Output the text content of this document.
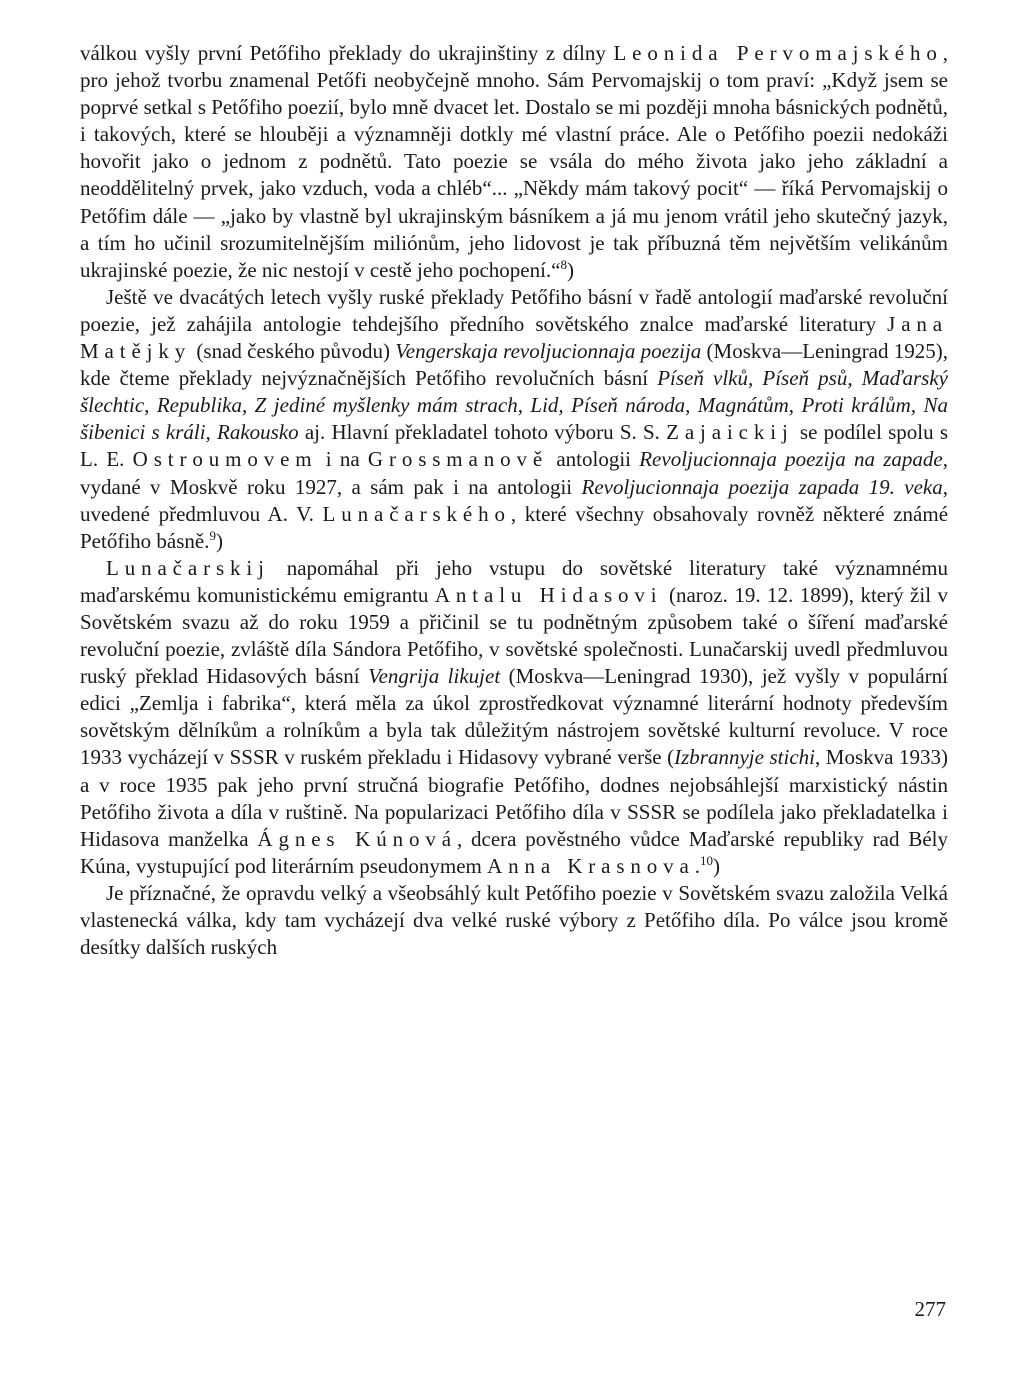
válkou vyšly první Petőfiho překlady do ukrajinštiny z dílny Leonida Pervomajského, pro jehož tvorbu znamenal Petőfi neobyčejně mnoho. Sám Pervomajskij o tom praví: „Když jsem se poprvé setkal s Petőfiho poezií, bylo mně dvacet let. Dostalo se mi později mnoha básnických podnětů, i takových, které se hlouběji a významněji dotkly mé vlastní práce. Ale o Petőfiho poezii nedokáži hovořit jako o jednom z podnětů. Tato poezie se vsála do mého života jako jeho základní a neoddělitelný prvek, jako vzduch, voda a chléb“... „Někdy mám takový pocit“ — říká Pervomajskij o Petőfim dále — „jako by vlastně byl ukrajinským básníkem a já mu jenom vrátil jeho skutečný jazyk, a tím ho učinil srozumitelnějším miliónům, jeho lidovost je tak příbuzná těm největším velikánům ukrajinské poezie, že nic nestojí v cestě jeho pochopení.“$^8$)

Ještě ve dvacátých letech vyšly ruské překlady Petőfiho básní v řadě antologií maďarské revoluční poezie, jež zahájila antologie tehdejšího předního sovětského znalce maďarské literatury Jana Matějky (snad českého původu) Vengerskaja revoljucionnaja poezija (Moskva—Leningrad 1925), kde čteme překlady nejvýznačnějších Petőfiho revolučních básní Píseň vlků, Píseň psů, Maďarský šlechtic, Republika, Z jediné myšlenky mám strach, Lid, Píseň národa, Magnátům, Proti králům, Na šibenici s králi, Rakousko aj. Hlavní překladatel tohoto výboru S. S. Zajaickij se podílel spolu s L. E. Ostroumovem i na Grossmanově antologii Revoljucionnaja poezija na zapade, vydané v Moskvě roku 1927, a sám pak i na antologii Revoljucionnaja poezija zapada 19. veka, uvedené předmluvou A. V. Lunačarského, které všechny obsahovaly rovněž některé známé Petőfiho básně.$^9$)

Lunačarskij napomáhal při jeho vstupu do sovětské literatury také významnému maďarskému komunistickému emigrantu Antalu Hidasovi (naroz. 19. 12. 1899), který žil v Sovětském svazu až do roku 1959 a přičinil se tu podnětným způsobem také o šíření maďarské revoluční poezie, zvláště díla Sándora Petőfiho, v sovětské společnosti. Lunačarskij uvedl předmluvou ruský překlad Hidasových básní Vengrija likujet (Moskva—Leningrad 1930), jež vyšly v populární edici „Zemlja i fabrika“, která měla za úkol zprostředkovat významné literární hodnoty především sovětským dělníkům a rolníkům a byla tak důležitým nástrojem sovětské kulturní revoluce. V roce 1933 vycházejí v SSSR v ruském překladu i Hidasovy vybrané verše (Izbrannyje stichi, Moskva 1933) a v roce 1935 pak jeho první stručná biografie Petőfiho, dodnes nejobsáhlejší marxistický nástin Petőfiho života a díla v ruštině. Na popularizaci Petőfiho díla v SSSR se podílela jako překladatelka i Hidasova manželka Ágnes Kúnová, dcera pověstného vůdce Maďarské republiky rad Bély Kúna, vystupující pod literárním pseudonymem Anna Krasnova.$^{10}$)

Je příznačné, že opravdu velký a všeobsáhlý kult Petőfiho poezie v Sovětském svazu založila Velká vlastenecká válka, kdy tam vycházejí dva velké ruské výbory z Petőfiho díla. Po válce jsou kromě desítky dalších ruských

277
